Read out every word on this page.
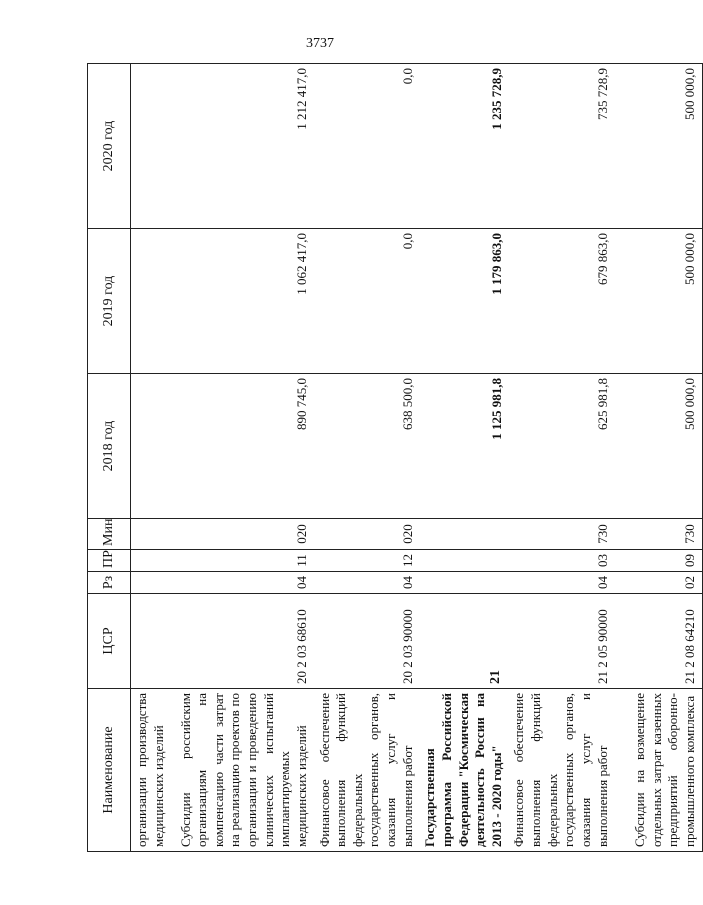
3737
Наименование	ЦСР	Рз	ПР	Мин	2018 год	2019 год	2020 год
организации производства медицинских изделий							
Субсидии российским организациям на компенсацию части затрат на реализацию проектов по организации и проведению клинических испытаний имплантируемых медицинских изделий	20 2 03 68610	04	11	020	890 745,0	1 062 417,0	1 212 417,0
Финансовое обеспечение выполнения функций федеральных государственных органов, оказания услуг и выполнения работ	20 2 03 90000	04	12	020	638 500,0	0,0	0,0
Государственная программа Российской Федерации "Космическая деятельность России на 2013 - 2020 годы"	21				1 125 981,8	1 179 863,0	1 235 728,9
Финансовое обеспечение выполнения функций федеральных государственных органов, оказания услуг и выполнения работ	21 2 05 90000	04	03	730	625 981,8	679 863,0	735 728,9
Субсидии на возмещение отдельных затрат казенных предприятий оборонно-промышленного комплекса	21 2 08 64210	02	09	730	500 000,0	500 000,0	500 000,0
